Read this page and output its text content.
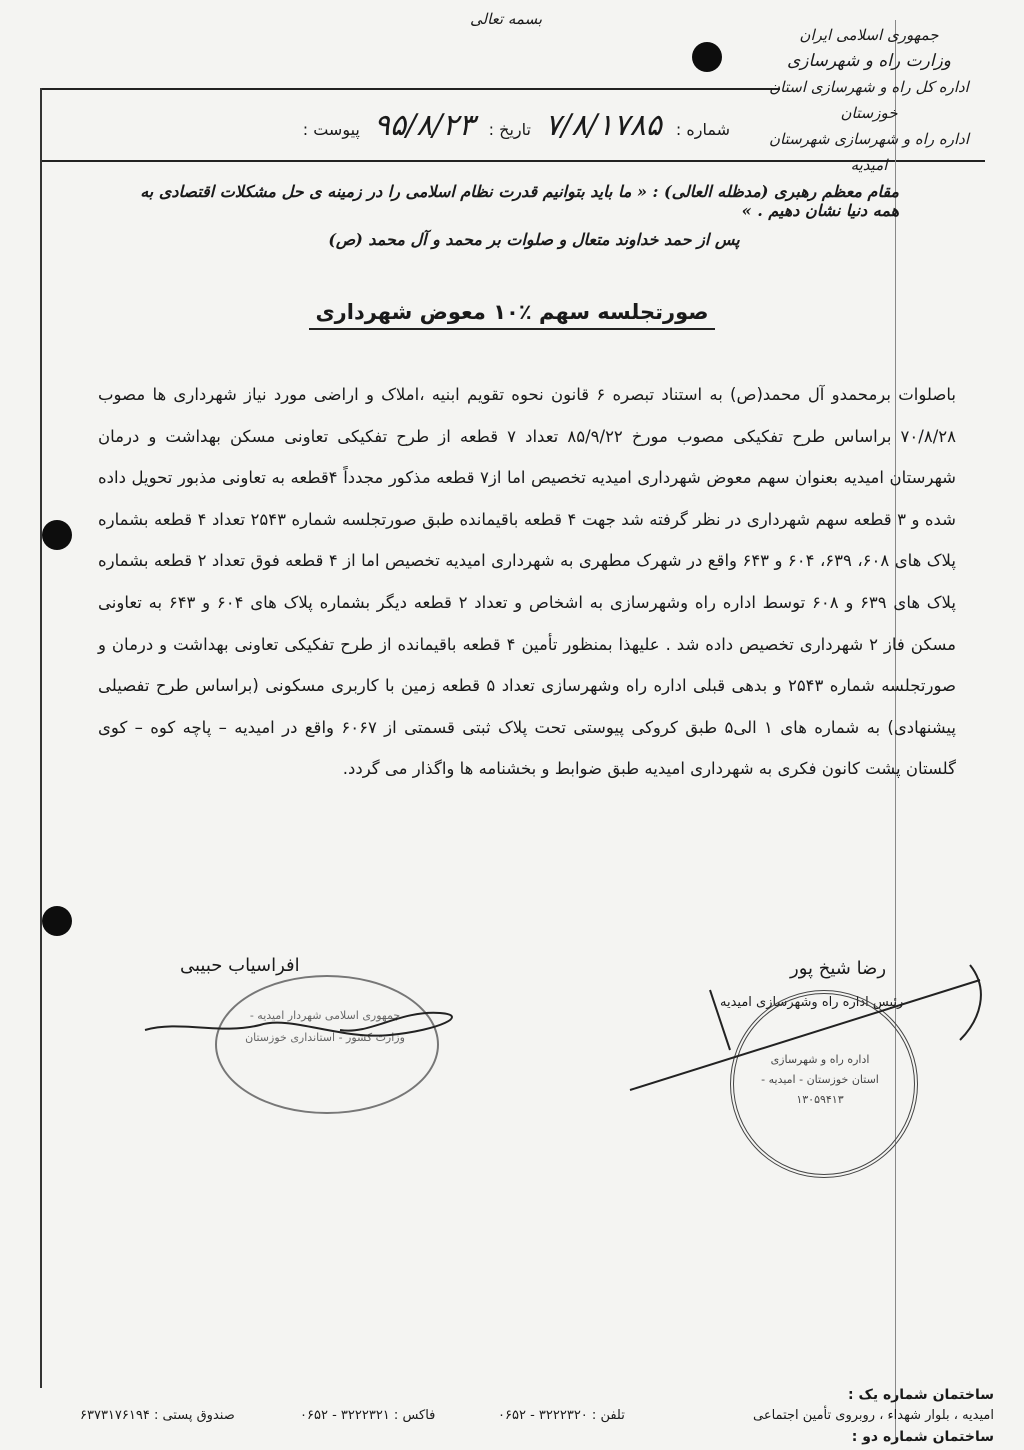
جمهوری اسلامی ایران
وزارت راه و شهرسازی
اداره کل راه و شهرسازی استان خوزستان
اداره راه و شهرسازی شهرستان امیدیه
بسمه تعالی
شماره :
۷/۸/۱۷۸۵
تاریخ :
۹۵/۸/۲۳
پیوست :
مقام معظم رهبری (مدظله العالی) : « ما باید بتوانیم قدرت نظام اسلامی را در زمینه ی حل مشکلات اقتصادی به همه دنیا نشان دهیم . »
پس از حمد خداوند متعال و صلوات بر محمد و آل محمد (ص)
صورتجلسه سهم ٪۱۰ معوض شهرداری
باصلوات برمحمدو آل محمد(ص) به استناد تبصره ۶ قانون نحوه تقویم ابنیه ،املاک و اراضی مورد نیاز شهرداری ها مصوب ۷۰/۸/۲۸ براساس طرح تفکیکی مصوب مورخ ۸۵/۹/۲۲ تعداد ۷ قطعه از طرح تفکیکی تعاونی مسکن بهداشت و درمان شهرستان امیدیه بعنوان سهم معوض شهرداری امیدیه تخصیص اما از۷ قطعه مذکور مجدداً ۴قطعه به تعاونی مذبور تحویل داده شده و ۳ قطعه سهم شهرداری در نظر گرفته شد جهت ۴ قطعه باقیمانده طبق صورتجلسه شماره ۲۵۴۳ تعداد ۴ قطعه بشماره پلاک های ۶۰۸، ۶۳۹، ۶۰۴ و ۶۴۳ واقع در شهرک مطهری به شهرداری امیدیه تخصیص اما از ۴ قطعه فوق تعداد ۲ قطعه بشماره پلاک های ۶۳۹ و ۶۰۸ توسط اداره راه وشهرسازی به اشخاص و تعداد ۲ قطعه دیگر بشماره پلاک های ۶۰۴ و ۶۴۳ به تعاونی مسکن فاز ۲ شهرداری تخصیص داده شد . علیهذا بمنظور تأمین ۴ قطعه باقیمانده از طرح تفکیکی تعاونی بهداشت و درمان و صورتجلسه شماره ۲۵۴۳ و بدهی قبلی اداره راه وشهرسازی تعداد ۵ قطعه زمین با کاربری مسکونی (براساس طرح تفصیلی پیشنهادی) به شماره های ۱ الی۵ طبق کروکی پیوستی تحت پلاک ثبتی قسمتی از ۶۰۶۷ واقع در امیدیه – پاچه کوه – کوی گلستان پشت کانون فکری به شهرداری امیدیه طبق ضوابط و بخشنامه ها واگذار می گردد.
افراسیاب حبیبی
جمهوری اسلامی شهردار امیدیه - وزارت کشور - استانداری خوزستان
رضا شیخ پور
رئیس اداره راه وشهرسازی امیدیه
اداره راه و شهرسازی استان خوزستان - امیدیه - ۱۳۰۵۹۴۱۳
ساختمان شماره یک :
امیدیه ، بلوار شهداء ، روبروی تأمین اجتماعی
تلفن : ۳۲۲۲۳۲۰ - ۰۶۵۲
فاکس : ۳۲۲۲۳۲۱ - ۰۶۵۲
صندوق پستی : ۶۳۷۳۱۷۶۱۹۴
ساختمان شماره دو :
